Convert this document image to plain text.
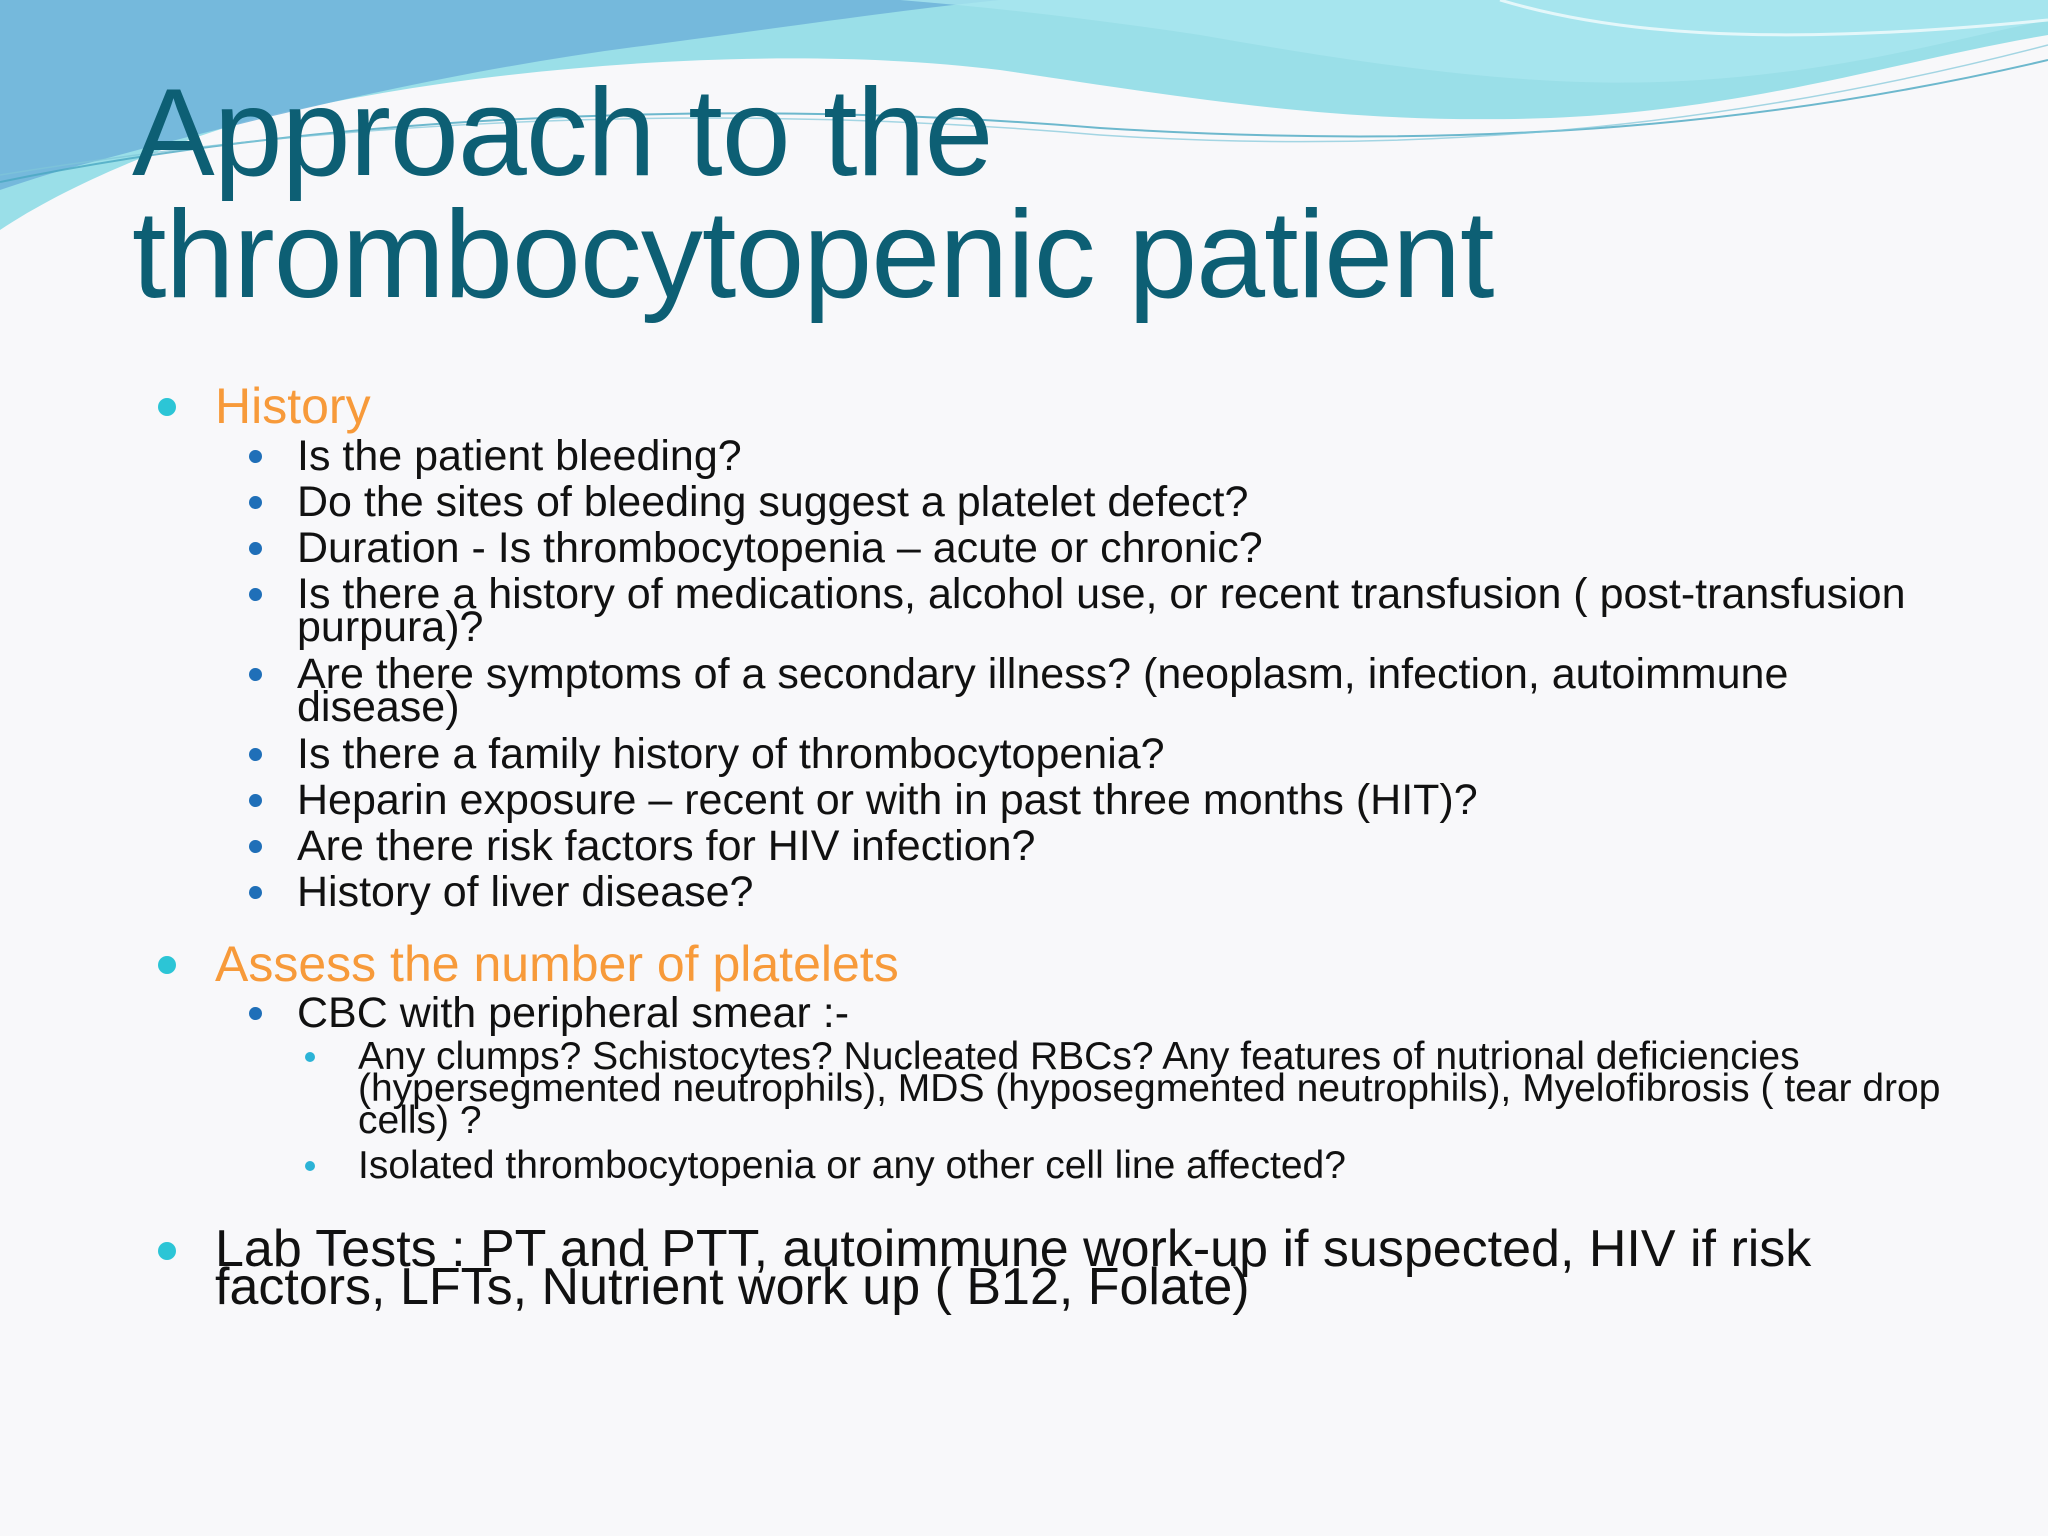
Approach to the
thrombocytopenic patient

History

Is the patient bleeding?

Do the sites of bleeding suggest a platelet defect?

Duration - Is thrombocytopenia – acute or chronic?

Is there a history of medications, alcohol use, or recent transfusion ( post-transfusion purpura)?

Are there symptoms of a secondary illness? (neoplasm, infection, autoimmune disease)

Is there a family history of thrombocytopenia?

Heparin exposure – recent or with in past three months (HIT)?

Are there risk factors for HIV infection?

History of liver disease?

Assess the number of platelets

CBC with peripheral smear :-

Any clumps? Schistocytes? Nucleated RBCs? Any features of nutrional deficiencies (hypersegmented neutrophils), MDS (hyposegmented neutrophils), Myelofibrosis ( tear drop cells) ?

Isolated thrombocytopenia or any other cell line affected?

Lab Tests : PT and PTT, autoimmune work-up if suspected, HIV if risk factors, LFTs, Nutrient work up ( B12, Folate)
